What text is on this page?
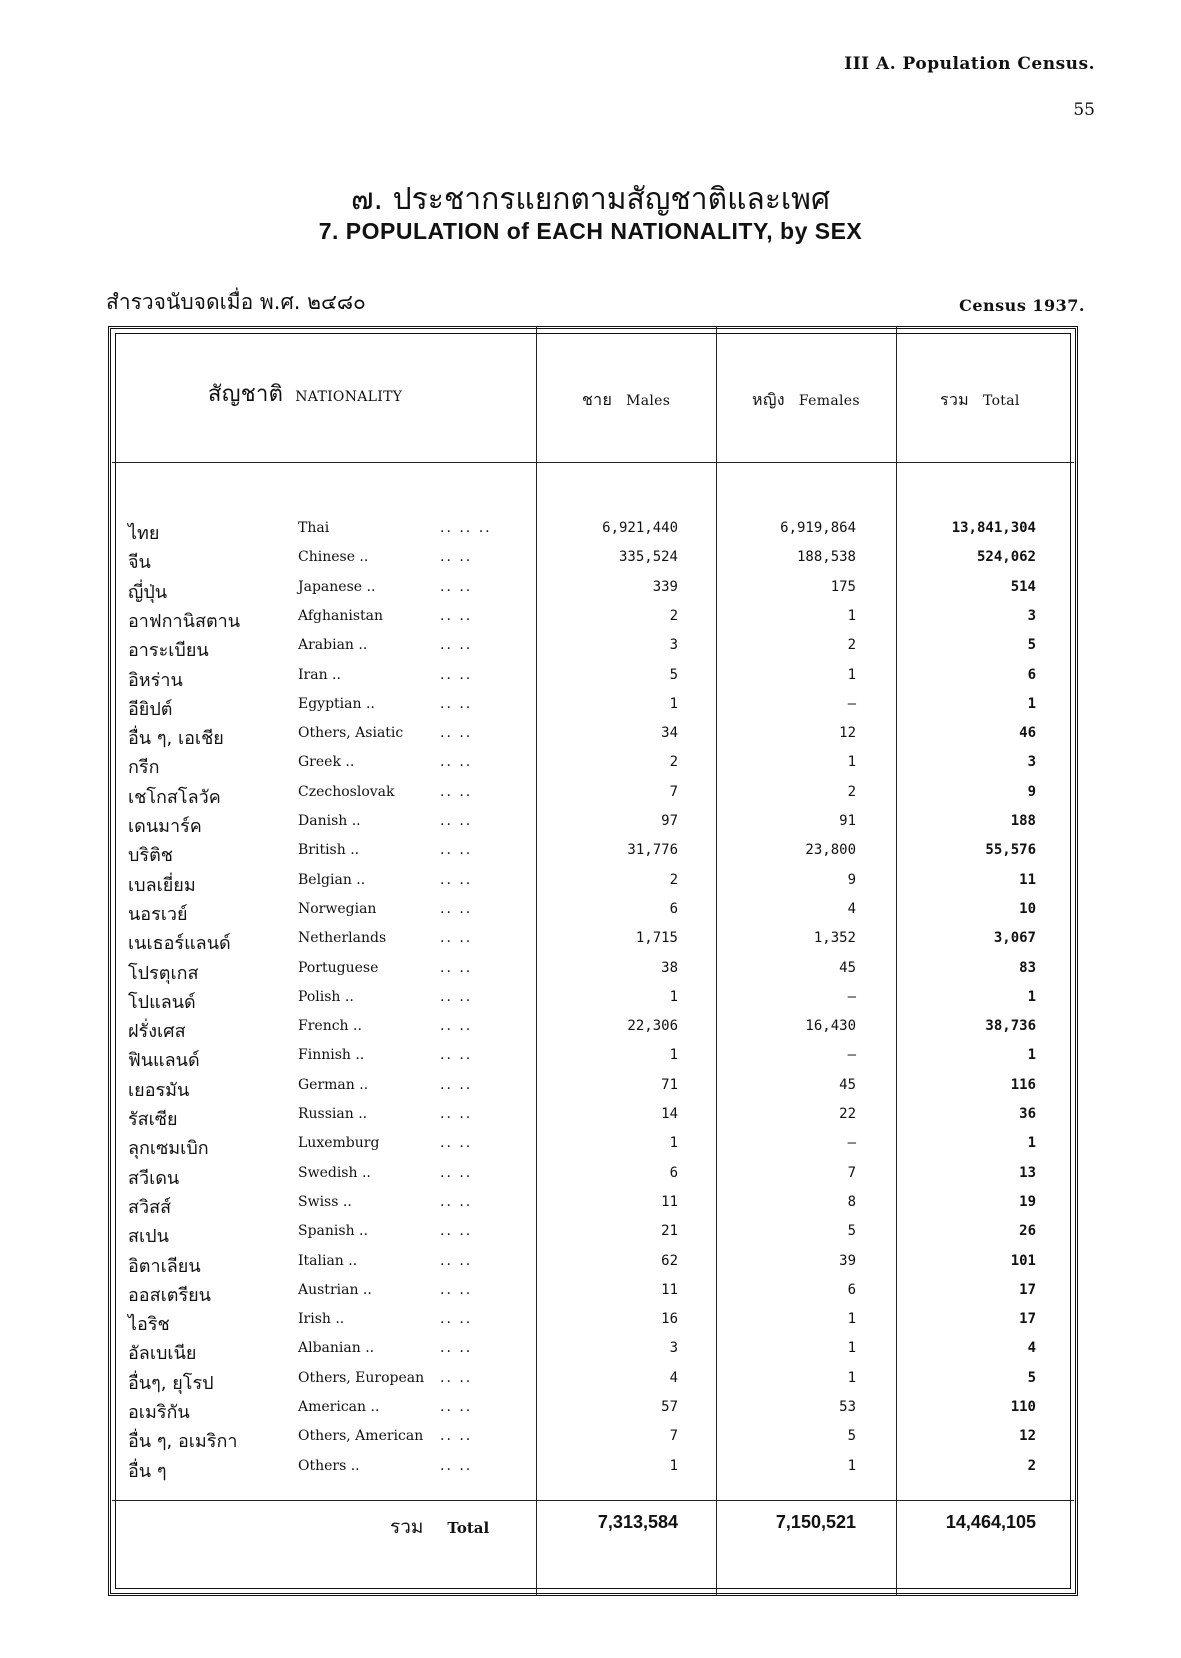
III A. Population Census.
55
๗. ประชากรแยกตามสัญชาติและเพศ
7. POPULATION of EACH NATIONALITY, by SEX
สำรวจนับจดเมื่อ พ.ศ. ๒๔๘๐	Census 1937.
สัญชาติ NATIONALITY	ชาย Males	หญิง Females	รวม Total
ไทย	Thai	.. .. ..	6,921,440	6,919,864	13,841,304
จีน	Chinese ..	.. ..	335,524	188,538	524,062
ญี่ปุ่น	Japanese ..	.. ..	339	175	514
อาฟกานิสตาน	Afghanistan	.. ..	2	1	3
อาระเบียน	Arabian ..	.. ..	3	2	5
อิหร่าน	Iran ..	.. ..	5	1	6
อียิปต์	Egyptian ..	.. ..	1	–	1
อื่น ๆ, เอเชีย	Others, Asiatic	.. ..	34	12	46
กรีก	Greek ..	.. ..	2	1	3
เชโกสโลวัค	Czechoslovak	.. ..	7	2	9
เดนมาร์ค	Danish ..	.. ..	97	91	188
บริติช	British ..	.. ..	31,776	23,800	55,576
เบลเยี่ยม	Belgian ..	.. ..	2	9	11
นอรเวย์	Norwegian	.. ..	6	4	10
เนเธอร์แลนด์	Netherlands	.. ..	1,715	1,352	3,067
โปรตุเกส	Portuguese	.. ..	38	45	83
โปแลนด์	Polish ..	.. ..	1	–	1
ฝรั่งเศส	French ..	.. ..	22,306	16,430	38,736
ฟินแลนด์	Finnish ..	.. ..	1	–	1
เยอรมัน	German ..	.. ..	71	45	116
รัสเซีย	Russian ..	.. ..	14	22	36
ลุกเซมเบิก	Luxemburg	.. ..	1	–	1
สวีเดน	Swedish ..	.. ..	6	7	13
สวิสส์	Swiss ..	.. ..	11	8	19
สเปน	Spanish ..	.. ..	21	5	26
อิตาเลียน	Italian ..	.. ..	62	39	101
ออสเตรียน	Austrian ..	.. ..	11	6	17
ไอริช	Irish ..	.. ..	16	1	17
อัลเบเนีย	Albanian ..	.. ..	3	1	4
อื่นๆ, ยุโรป	Others, European .. ..	4	1	5
อเมริกัน	American ..	.. ..	57	53	110
อื่น ๆ, อเมริกา	Others, American .. ..	7	5	12
อื่น ๆ	Others ..	.. ..	1	1	2
รวม Total	7,313,584	7,150,521	14,464,105
